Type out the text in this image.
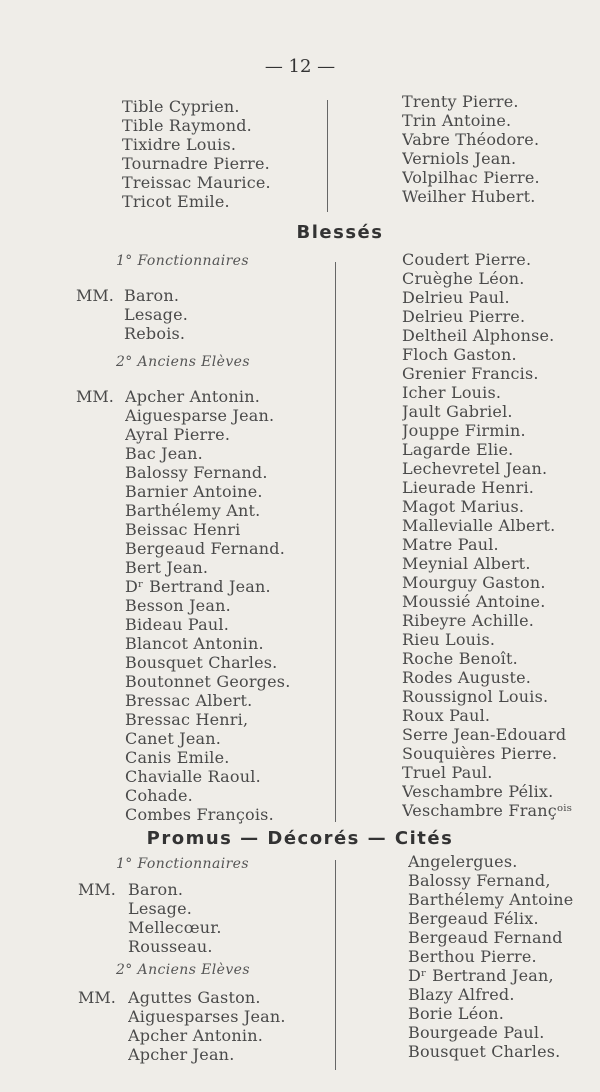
— 12 —
Tible Cyprien.
Tible Raymond.
Tixidre Louis.
Tournadre Pierre.
Treissac Maurice.
Tricot Emile.
Trenty Pierre.
Trin Antoine.
Vabre Théodore.
Verniols Jean.
Volpilhac Pierre.
Weilher Hubert.
Blessés
1° Fonctionnaires
MM. Baron.
Lesage.
Rebois.
2° Anciens Elèves
MM. Apcher Antonin.
Aiguesparse Jean.
Ayral Pierre.
Bac Jean.
Balossy Fernand.
Barnier Antoine.
Barthélemy Ant.
Beissac Henri
Bergeaud Fernand.
Bert Jean.
Dʳ Bertrand Jean.
Besson Jean.
Bideau Paul.
Blancot Antonin.
Bousquet Charles.
Boutonnet Georges.
Bressac Albert.
Bressac Henri,
Canet Jean.
Canis Emile.
Chavialle Raoul.
Cohade.
Combes François.
Coudert Pierre.
Cruèghe Léon.
Delrieu Paul.
Delrieu Pierre.
Deltheil Alphonse.
Floch Gaston.
Grenier Francis.
Icher Louis.
Jault Gabriel.
Jouppe Firmin.
Lagarde Elie.
Lechevretel Jean.
Lieurade Henri.
Magot Marius.
Mallevialle Albert.
Matre Paul.
Meynial Albert.
Mourguy Gaston.
Moussié Antoine.
Ribeyre Achille.
Rieu Louis.
Roche Benoît.
Rodes Auguste.
Roussignol Louis.
Roux Paul.
Serre Jean-Edouard
Souquières Pierre.
Truel Paul.
Veschambre Pélix.
Veschambre Françᵒⁱˢ
Promus — Décorés — Cités
1° Fonctionnaires
MM. Baron.
Lesage.
Mellecœur.
Rousseau.
2° Anciens Elèves
MM. Aguttes Gaston.
Aiguesparses Jean.
Apcher Antonin.
Apcher Jean.
Angelergues.
Balossy Fernand,
Barthélemy Antoine
Bergeaud Félix.
Bergeaud Fernand
Berthou Pierre.
Dʳ Bertrand Jean,
Blazy Alfred.
Borie Léon.
Bourgeade Paul.
Bousquet Charles.
